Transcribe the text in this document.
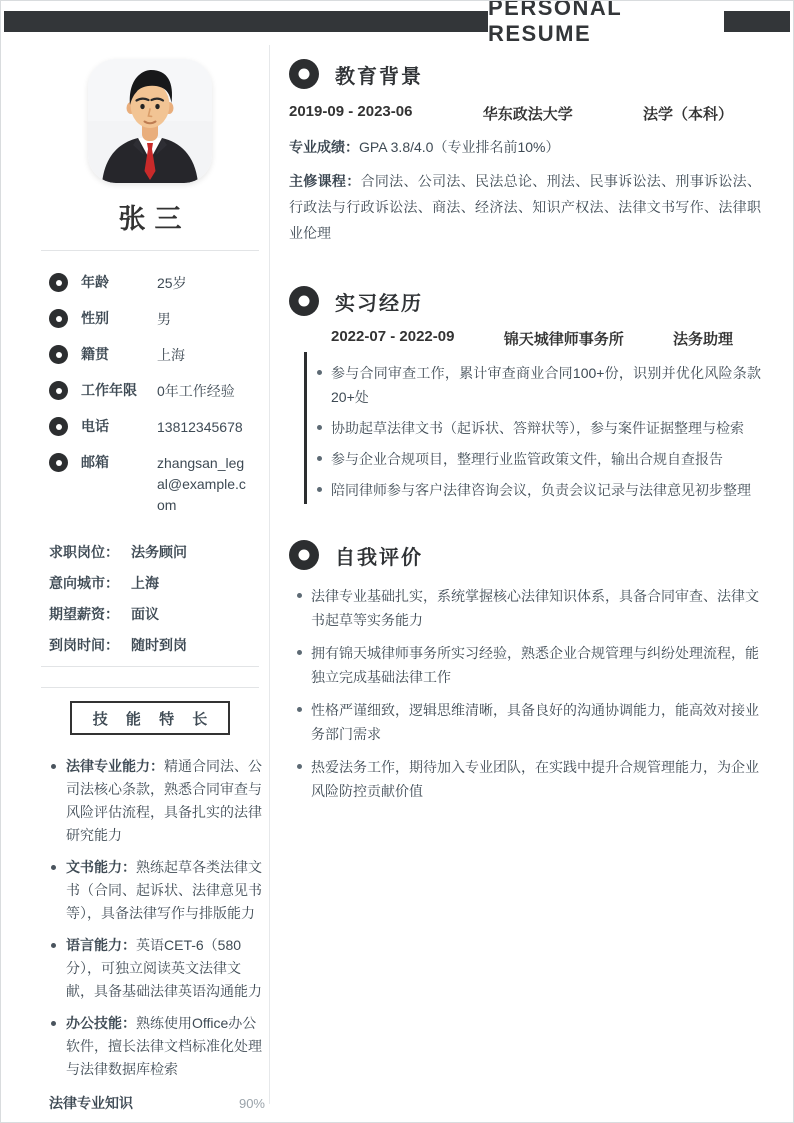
PERSONAL RESUME
张三
年龄	25岁
性别	男
籍贯	上海
工作年限	0年工作经验
电话	13812345678
邮箱	zhangsan_legal@example.com
求职岗位： 法务顾问
意向城市： 上海
期望薪资： 面议
到岗时间： 随时到岗
技 能 特 长
法律专业能力：精通合同法、公司法核心条款，熟悉合同审查与风险评估流程，具备扎实的法律研究能力
文书能力：熟练起草各类法律文书（合同、起诉状、法律意见书等），具备法律写作与排版能力
语言能力：英语CET-6（580分），可独立阅读英文法律文献，具备基础法律英语沟通能力
办公技能：熟练使用Office办公软件，擅长法律文档标准化处理与法律数据库检索
法律专业知识	90%
教育背景
2019-09 - 2023-06	华东政法大学	法学（本科）

专业成绩：GPA 3.8/4.0（专业排名前10%）

主修课程：合同法、公司法、民法总论、刑法、民事诉讼法、刑事诉讼法、行政法与行政诉讼法、商法、经济法、知识产权法、法律文书写作、法律职业伦理

实习经历
2022-07 - 2022-09	锦天城律师事务所	法务助理
参与合同审查工作，累计审查商业合同100+份，识别并优化风险条款20+处
协助起草法律文书（起诉状、答辩状等），参与案件证据整理与检索
参与企业合规项目，整理行业监管政策文件，输出合规自查报告
陪同律师参与客户法律咨询会议，负责会议记录与法律意见初步整理
自我评价
法律专业基础扎实，系统掌握核心法律知识体系，具备合同审查、法律文书起草等实务能力
拥有锦天城律师事务所实习经验，熟悉企业合规管理与纠纷处理流程，能独立完成基础法律工作
性格严谨细致，逻辑思维清晰，具备良好的沟通协调能力，能高效对接业务部门需求
热爱法务工作，期待加入专业团队，在实践中提升合规管理能力，为企业风险防控贡献价值
